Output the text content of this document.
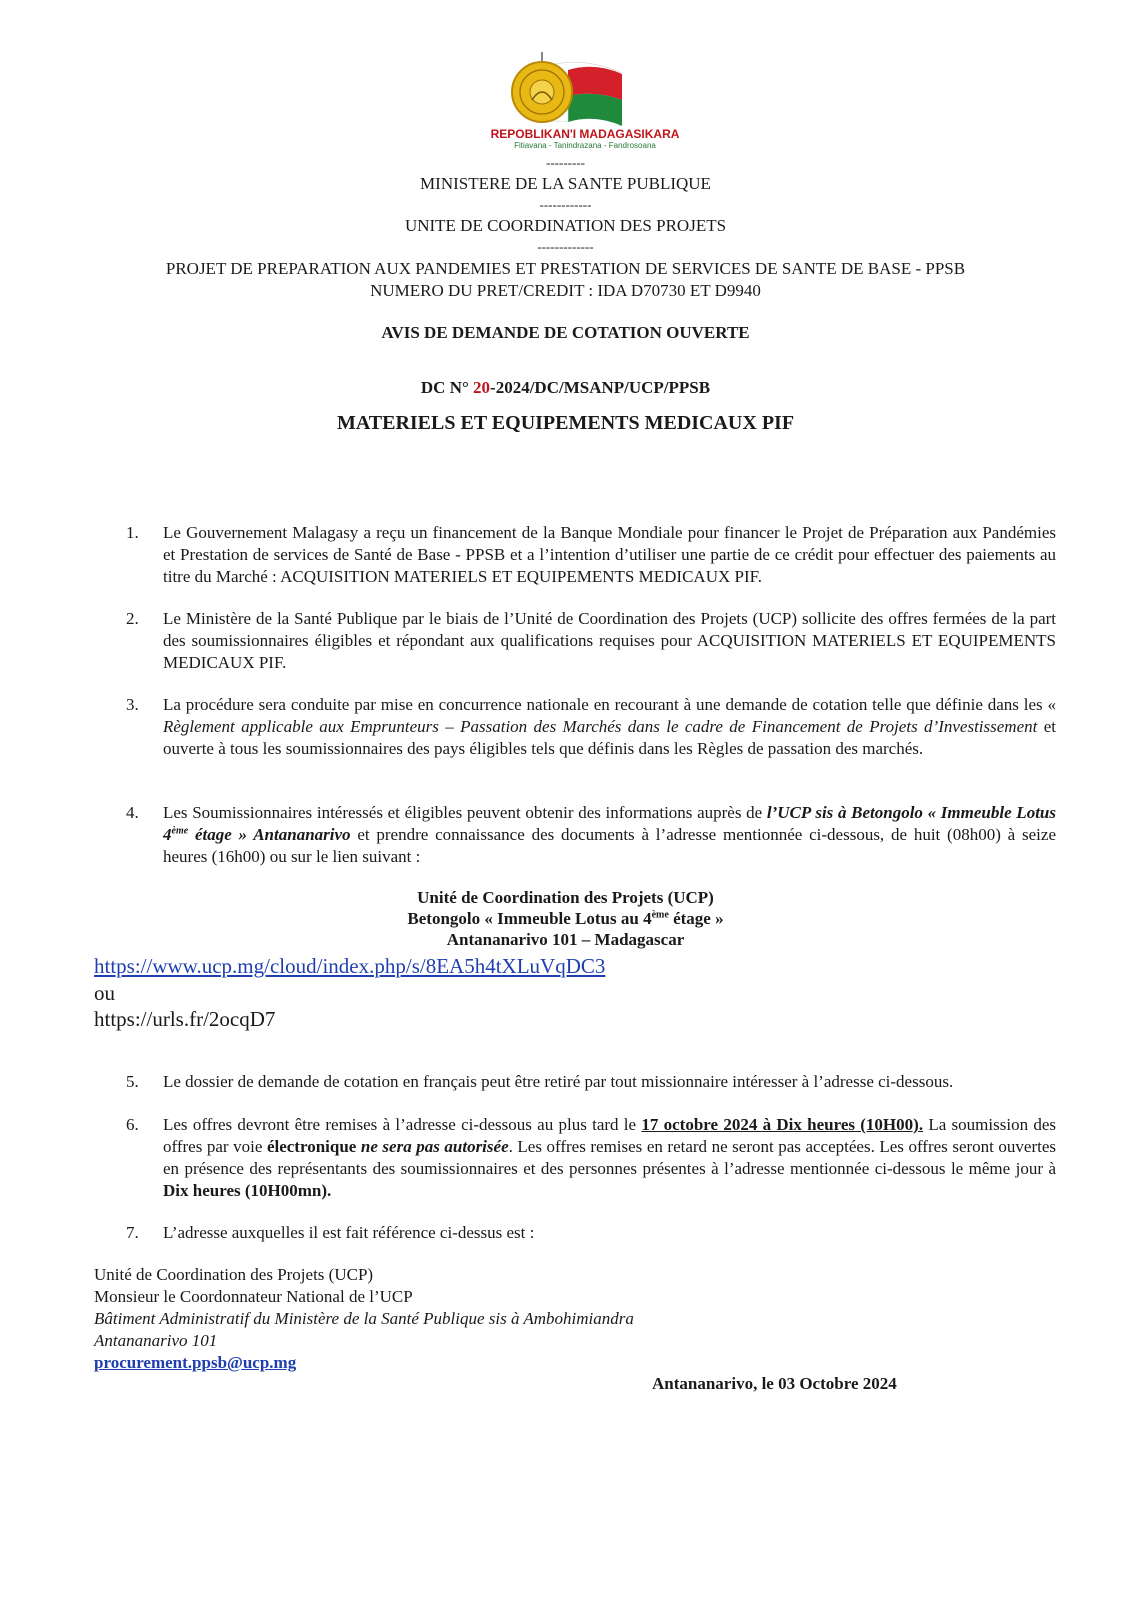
REPOBLIKAN'I MADAGASIKARA
Fitiavana - Tanindrazana - Fandrosoana
---------
MINISTERE DE LA SANTE PUBLIQUE
------------
UNITE DE COORDINATION DES PROJETS
-------------
PROJET DE PREPARATION AUX PANDEMIES ET PRESTATION DE SERVICES DE SANTE DE BASE - PPSB
NUMERO DU PRET/CREDIT : IDA D70730 ET D9940
AVIS DE DEMANDE DE COTATION OUVERTE
DC N° 20-2024/DC/MSANP/UCP/PPSB
MATERIELS ET EQUIPEMENTS MEDICAUX PIF
1.	Le Gouvernement Malagasy a reçu un financement de la Banque Mondiale pour financer le Projet de Préparation aux Pandémies et Prestation de services de Santé de Base - PPSB et a l’intention d’utiliser une partie de ce crédit pour effectuer des paiements au titre du Marché : ACQUISITION MATERIELS ET EQUIPEMENTS MEDICAUX PIF.
2.	Le Ministère de la Santé Publique par le biais de l’Unité de Coordination des Projets (UCP) sollicite des offres fermées de la part des soumissionnaires éligibles et répondant aux qualifications requises pour ACQUISITION MATERIELS ET EQUIPEMENTS MEDICAUX PIF.
3.	La procédure sera conduite par mise en concurrence nationale en recourant à une demande de cotation telle que définie dans les « Règlement applicable aux Emprunteurs – Passation des Marchés dans le cadre de Financement de Projets d’Investissement et ouverte à tous les soumissionnaires des pays éligibles tels que définis dans les Règles de passation des marchés.
4.	Les Soumissionnaires intéressés et éligibles peuvent obtenir des informations auprès de l’UCP sis à Betongolo « Immeuble Lotus 4ème étage » Antananarivo et prendre connaissance des documents à l’adresse mentionnée ci-dessous, de huit (08h00) à seize heures (16h00) ou sur le lien suivant :
Unité de Coordination des Projets (UCP)
Betongolo « Immeuble Lotus au 4ème étage »
Antananarivo 101 – Madagascar
https://www.ucp.mg/cloud/index.php/s/8EA5h4tXLuVqDC3
ou
https://urls.fr/2ocqD7
5.	Le dossier de demande de cotation en français peut être retiré par tout missionnaire intéresser à l’adresse ci-dessous.
6.	Les offres devront être remises à l’adresse ci-dessous au plus tard le 17 octobre 2024 à Dix heures (10H00). La soumission des offres par voie électronique ne sera pas autorisée. Les offres remises en retard ne seront pas acceptées. Les offres seront ouvertes en présence des représentants des soumissionnaires et des personnes présentes à l’adresse mentionnée ci-dessous le même jour à Dix heures (10H00mn).
7.	L’adresse auxquelles il est fait référence ci-dessus est :
Unité de Coordination des Projets (UCP)
Monsieur le Coordonnateur National de l’UCP
Bâtiment Administratif du Ministère de la Santé Publique sis à Ambohimiandra
Antananarivo 101
procurement.ppsb@ucp.mg
Antananarivo, le 03 Octobre 2024
